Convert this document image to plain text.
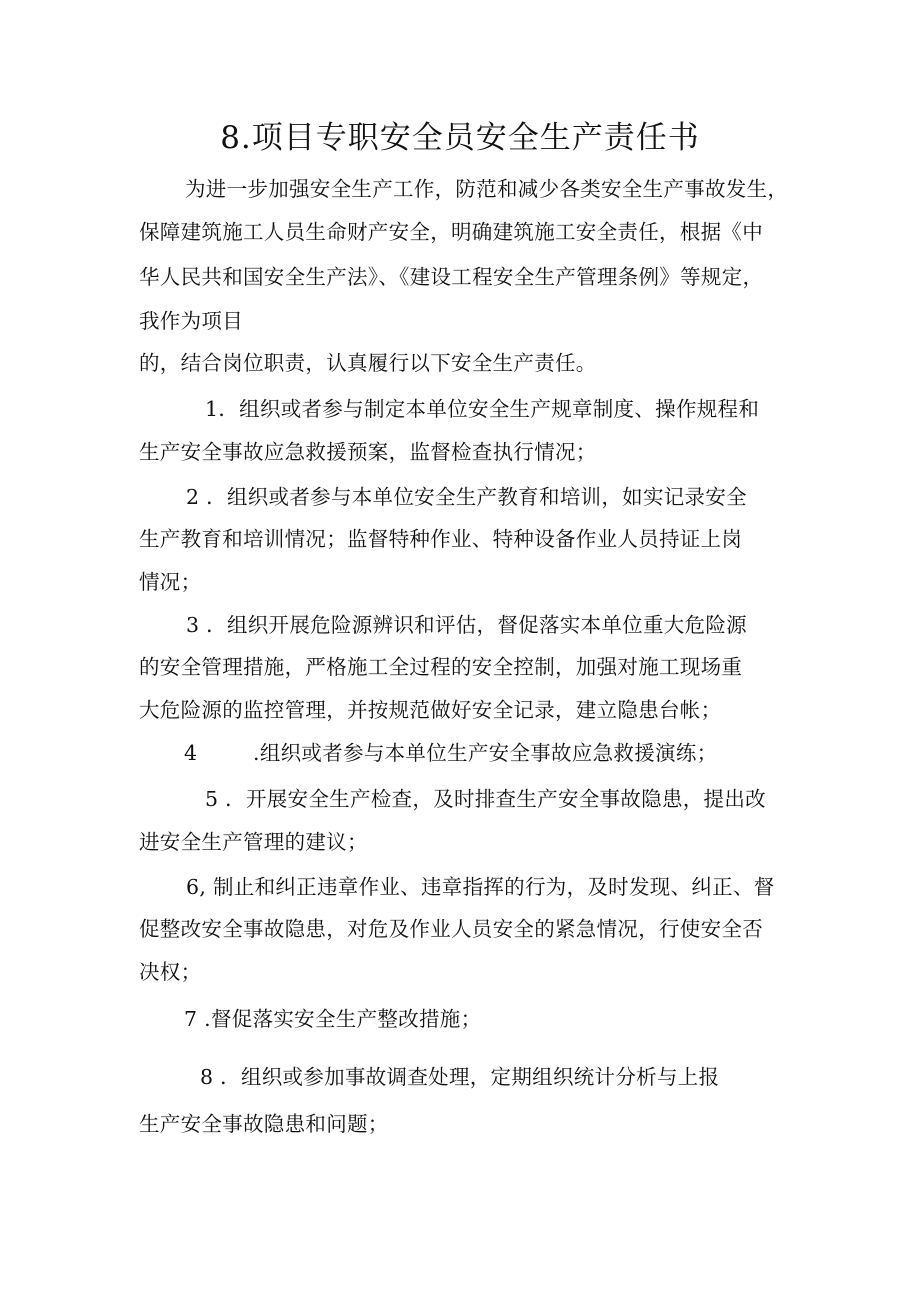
8.项目专职安全员安全生产责任书
为进一步加强安全生产工作，防范和减少各类安全生产事故发生，
保障建筑施工人员生命财产安全，明确建筑施工安全责任，根据《中
华人民共和国安全生产法》、《建设工程安全生产管理条例》等规定，
我作为项目
的，结合岗位职责，认真履行以下安全生产责任。
1．组织或者参与制定本单位安全生产规章制度、操作规程和
生产安全事故应急救援预案，监督检查执行情况；
2 ．组织或者参与本单位安全生产教育和培训，如实记录安全
生产教育和培训情况；监督特种作业、特种设备作业人员持证上岗
情况；
3 ．组织开展危险源辨识和评估，督促落实本单位重大危险源
的安全管理措施，严格施工全过程的安全控制，加强对施工现场重
大危险源的监控管理，并按规范做好安全记录，建立隐患台帐；
4	.组织或者参与本单位生产安全事故应急救援演练；
5 ．开展安全生产检查，及时排查生产安全事故隐患，提出改
进安全生产管理的建议；
6, 制止和纠正违章作业、违章指挥的行为，及时发现、纠正、督
促整改安全事故隐患，对危及作业人员安全的紧急情况，行使安全否
决权；
7 .督促落实安全生产整改措施；
8 ．组织或参加事故调查处理，定期组织统计分析与上报
生产安全事故隐患和问题；
